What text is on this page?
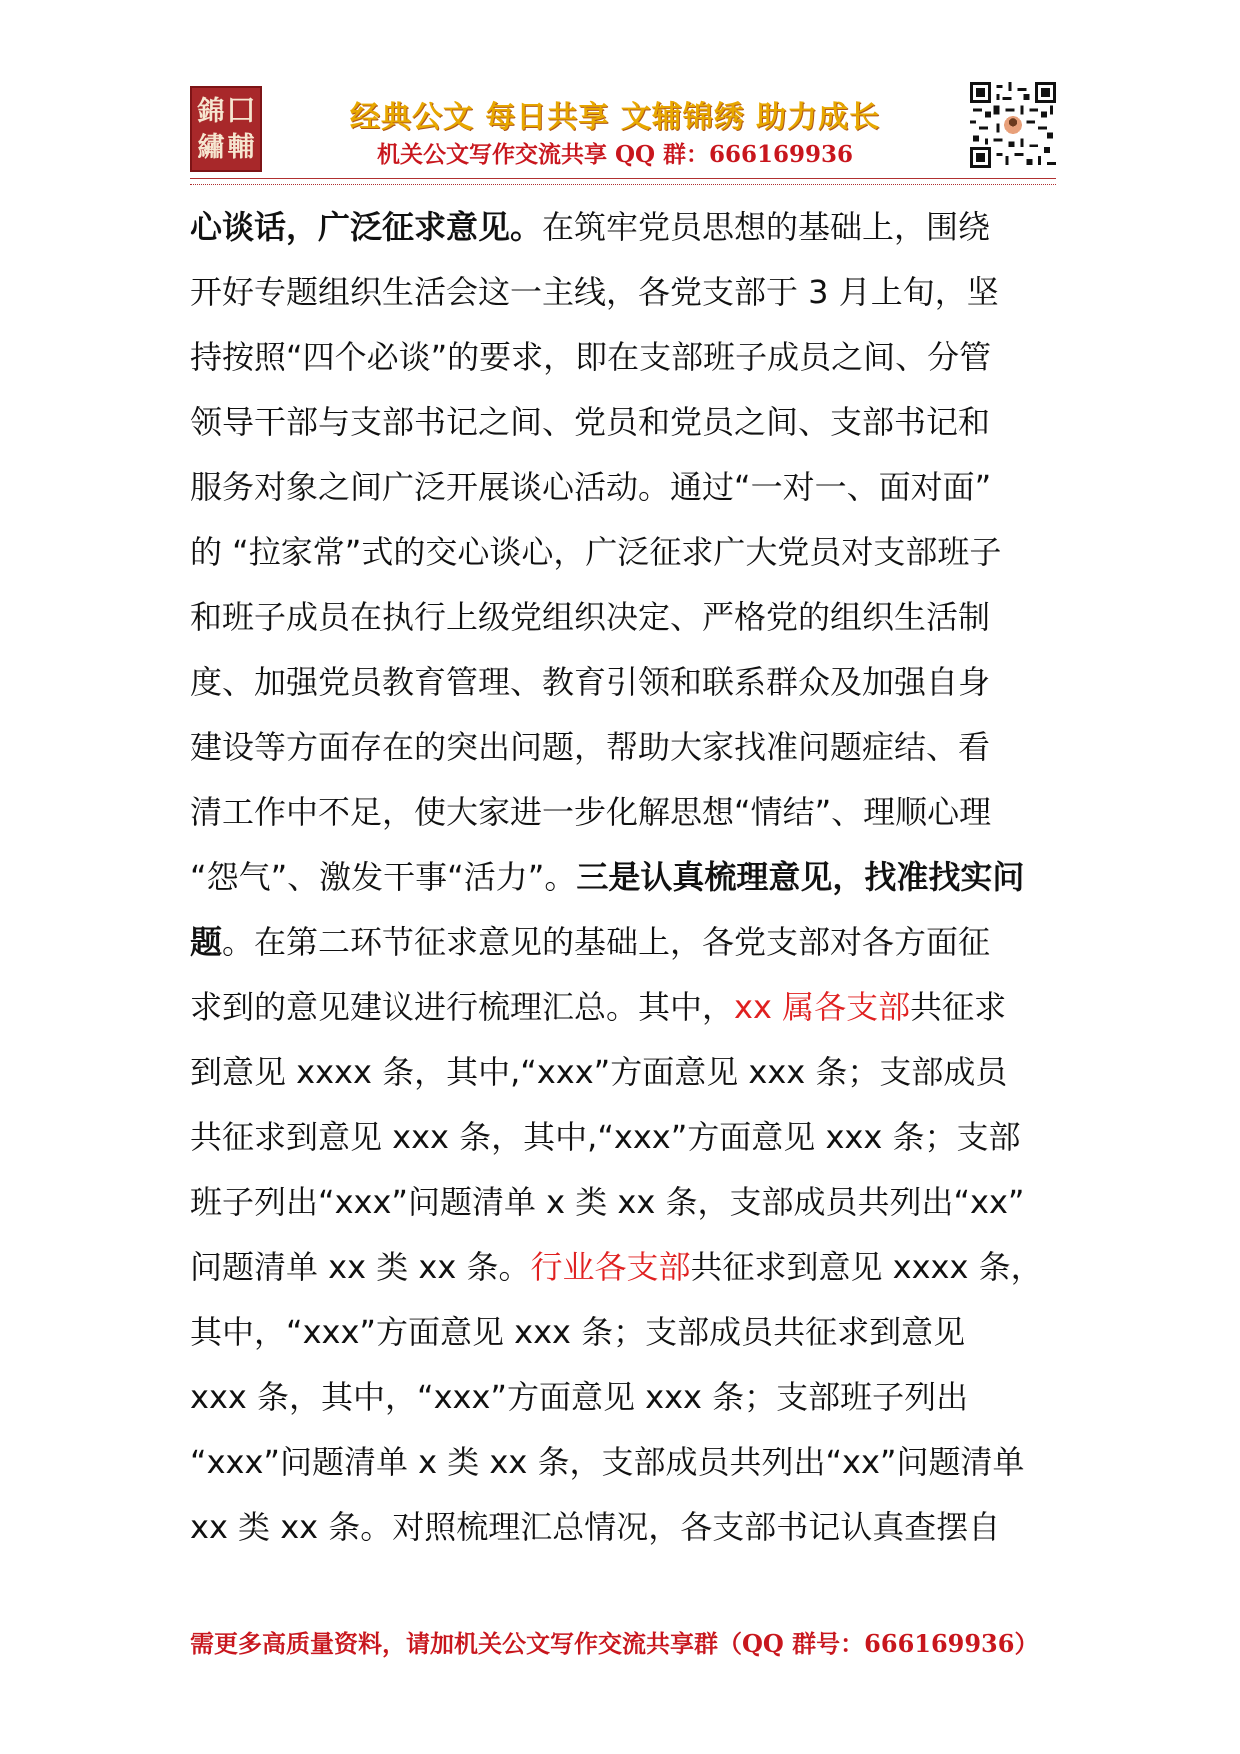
錦 囗
繡 輔
经典公文 每日共享 文辅锦绣 助力成长
机关公文写作交流共享 QQ 群：666169936
心谈话，广泛征求意见。在筑牢党员思想的基础上，围绕
开好专题组织生活会这一主线，各党支部于 3 月上旬，坚
持按照“四个必谈”的要求，即在支部班子成员之间、分管
领导干部与支部书记之间、党员和党员之间、支部书记和
服务对象之间广泛开展谈心活动。通过“一对一、面对面”
的 “拉家常”式的交心谈心，广泛征求广大党员对支部班子
和班子成员在执行上级党组织决定、严格党的组织生活制
度、加强党员教育管理、教育引领和联系群众及加强自身
建设等方面存在的突出问题，帮助大家找准问题症结、看
清工作中不足，使大家进一步化解思想“情结”、理顺心理
“怨气”、激发干事“活力”。三是认真梳理意见，找准找实问
题。在第二环节征求意见的基础上，各党支部对各方面征
求到的意见建议进行梳理汇总。其中，xx 属各支部共征求
到意见 xxxx 条，其中,“xxx”方面意见 xxx 条；支部成员
共征求到意见 xxx 条，其中,“xxx”方面意见 xxx 条；支部
班子列出“xxx”问题清单 x 类 xx 条，支部成员共列出“xx”
问题清单 xx 类 xx 条。行业各支部共征求到意见 xxxx 条，
其中，“xxx”方面意见 xxx 条；支部成员共征求到意见
xxx 条，其中，“xxx”方面意见 xxx 条；支部班子列出
“xxx”问题清单 x 类 xx 条，支部成员共列出“xx”问题清单
xx 类 xx 条。对照梳理汇总情况，各支部书记认真查摆自
需更多高质量资料，请加机关公文写作交流共享群（QQ 群号：666169936）
